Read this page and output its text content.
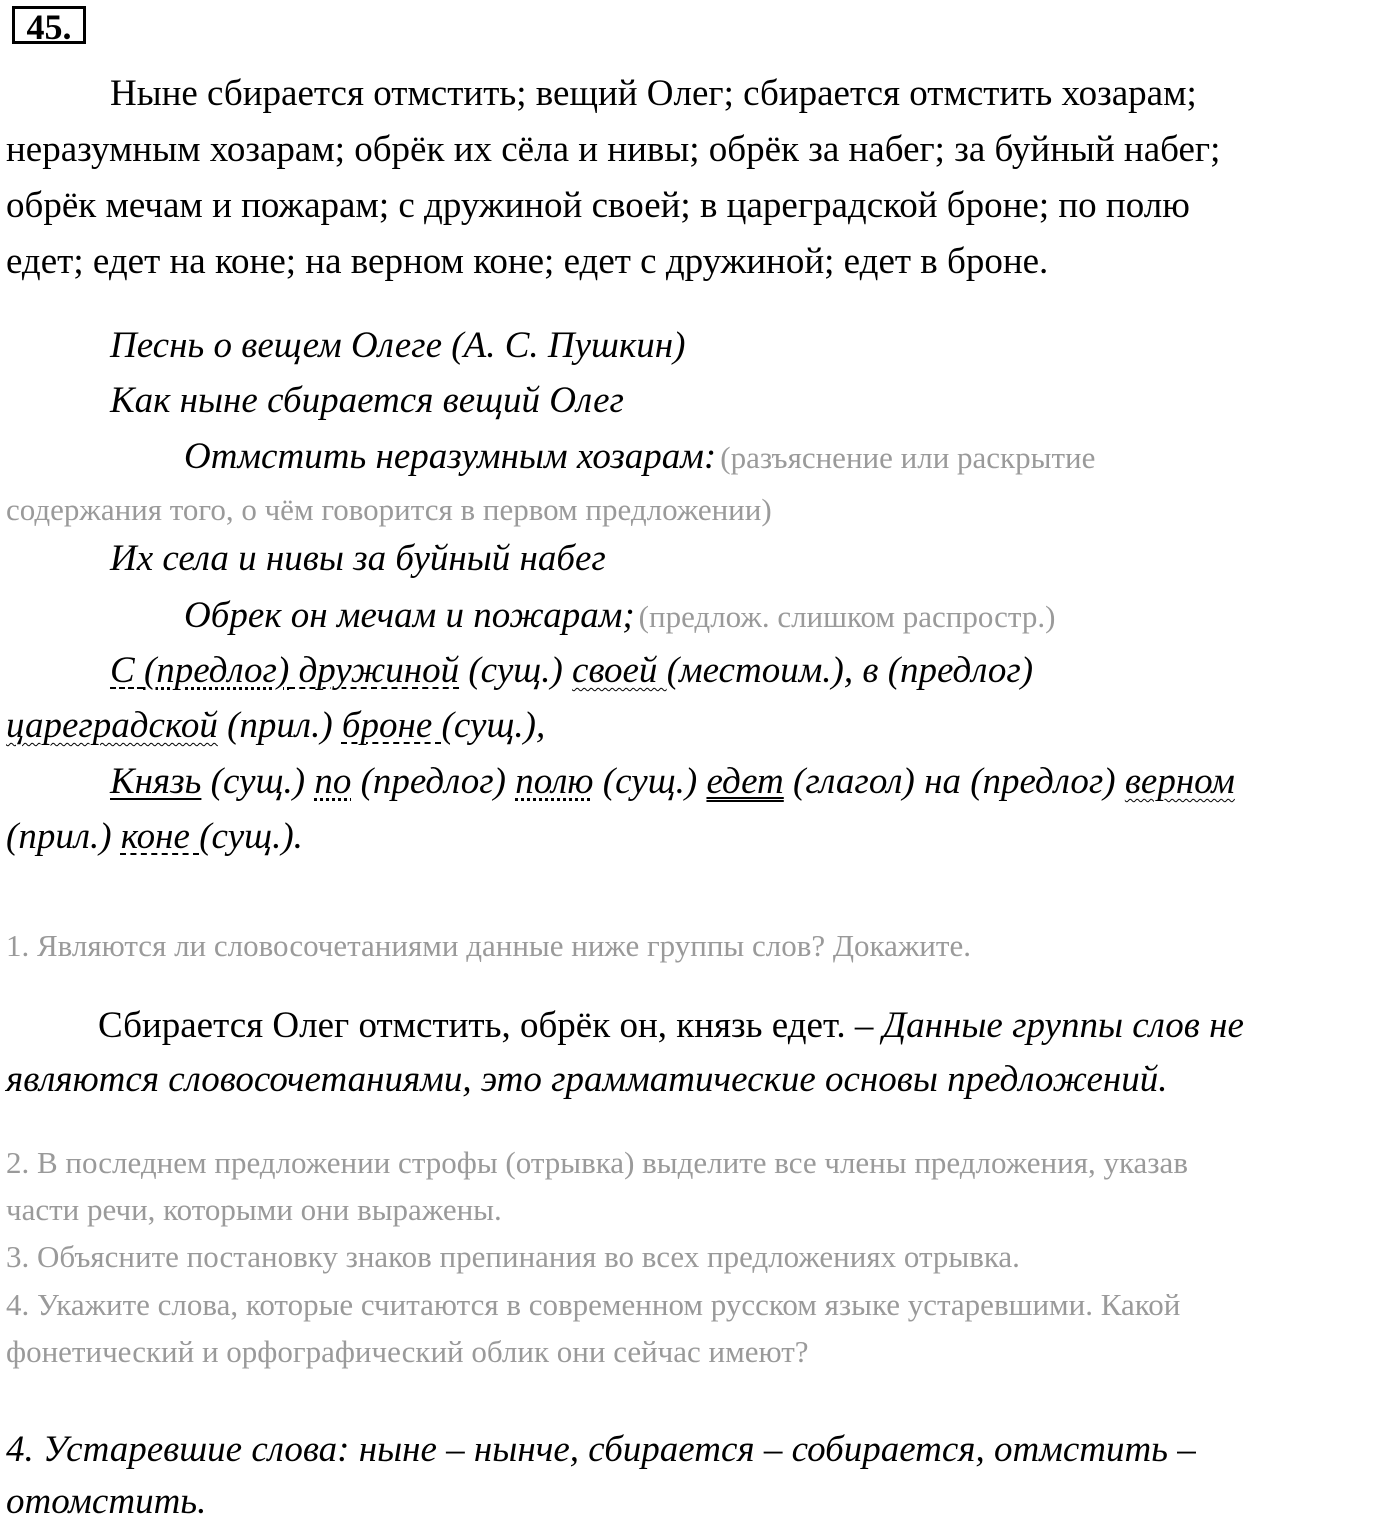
45.

Ныне сбирается отмстить; вещий Олег; сбирается отмстить хозарам;

неразумным хозарам; обрёк их сёла и нивы; обрёк за набег; за буйный набег;

обрёк мечам и пожарам; с дружиной своей; в цареградской броне; по полю

едет; едет на коне; на верном коне; едет с дружиной; едет в броне.

Песнь о вещем Олеге (А. С. Пушкин)

Как ныне сбирается вещий Олег

Отмстить неразумным хозарам: (разъяснение или раскрытие

содержания того, о чём говорится в первом предложении)

Их села и нивы за буйный набег

Обрек он мечам и пожарам; (предлож. слишком распростр.)

С (предлог) дружиной (сущ.) своей (местоим.), в (предлог)

цареградской (прил.) броне (сущ.),

Князь (сущ.) по (предлог) полю (сущ.) едет (глагол) на (предлог) верном

(прил.) коне (сущ.).

1. Являются ли словосочетаниями данные ниже группы слов? Докажите.

Сбирается Олег отмстить, обрёк он, князь едет. – Данные группы слов не

являются словосочетаниями, это грамматические основы предложений.

2. В последнем предложении строфы (отрывка) выделите все члены предложения, указав

части речи, которыми они выражены.

3. Объясните постановку знаков препинания во всех предложениях отрывка.

4. Укажите слова, которые считаются в современном русском языке устаревшими. Какой

фонетический и орфографический облик они сейчас имеют?

4. Устаревшие слова: ныне – нынче, сбирается – собирается, отмстить –

отомстить.
